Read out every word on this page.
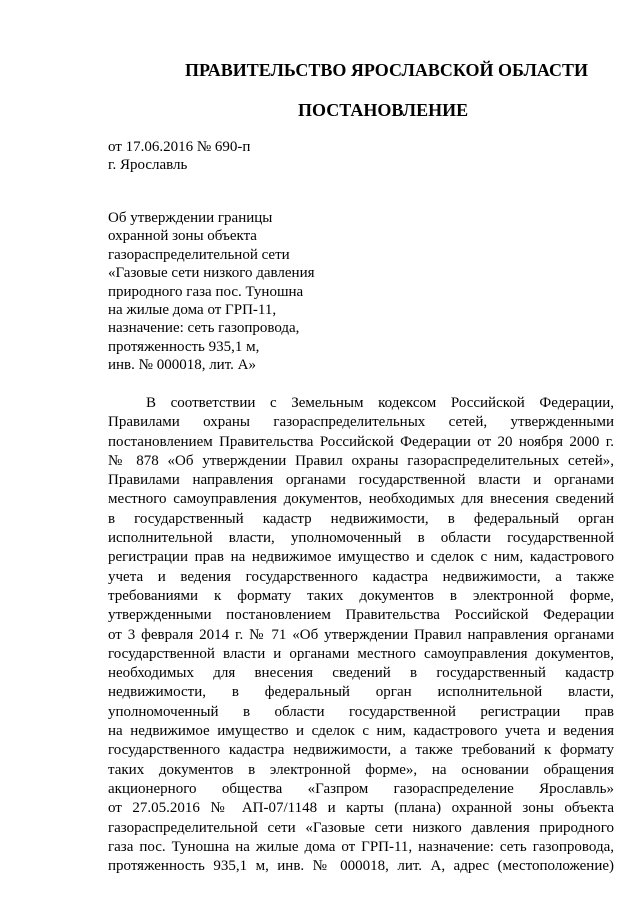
ПРАВИТЕЛЬСТВО ЯРОСЛАВСКОЙ ОБЛАСТИ
ПОСТАНОВЛЕНИЕ
от 17.06.2016 № 690-п
г. Ярославль
Об утверждении границы
охранной зоны объекта
газораспределительной сети
«Газовые сети низкого давления
природного газа пос. Туношна
на жилые дома от ГРП-11,
назначение: сеть газопровода,
протяженность 935,1 м,
инв. № 000018, лит. А»
В соответствии с Земельным кодексом Российской Федерации,
Правилами охраны газораспределительных сетей, утвержденными
постановлением Правительства Российской Федерации от 20 ноября 2000 г.
№ 878 «Об утверждении Правил охраны газораспределительных сетей»,
Правилами направления органами государственной власти и органами
местного самоуправления документов, необходимых для внесения сведений
в государственный кадастр недвижимости, в федеральный орган
исполнительной власти, уполномоченный в области государственной
регистрации прав на недвижимое имущество и сделок с ним, кадастрового
учета и ведения государственного кадастра недвижимости, а также
требованиями к формату таких документов в электронной форме,
утвержденными постановлением Правительства Российской Федерации
от 3 февраля 2014 г. № 71 «Об утверждении Правил направления органами
государственной власти и органами местного самоуправления документов,
необходимых для внесения сведений в государственный кадастр
недвижимости, в федеральный орган исполнительной власти,
уполномоченный в области государственной регистрации прав
на недвижимое имущество и сделок с ним, кадастрового учета и ведения
государственного кадастра недвижимости, а также требований к формату
таких документов в электронной форме», на основании обращения
акционерного общества «Газпром газораспределение Ярославль»
от 27.05.2016 № АП-07/1148 и карты (плана) охранной зоны объекта
газораспределительной сети «Газовые сети низкого давления природного
газа пос. Туношна на жилые дома от ГРП-11, назначение: сеть газопровода,
протяженность 935,1 м, инв. № 000018, лит. А, адрес (местоположение)
